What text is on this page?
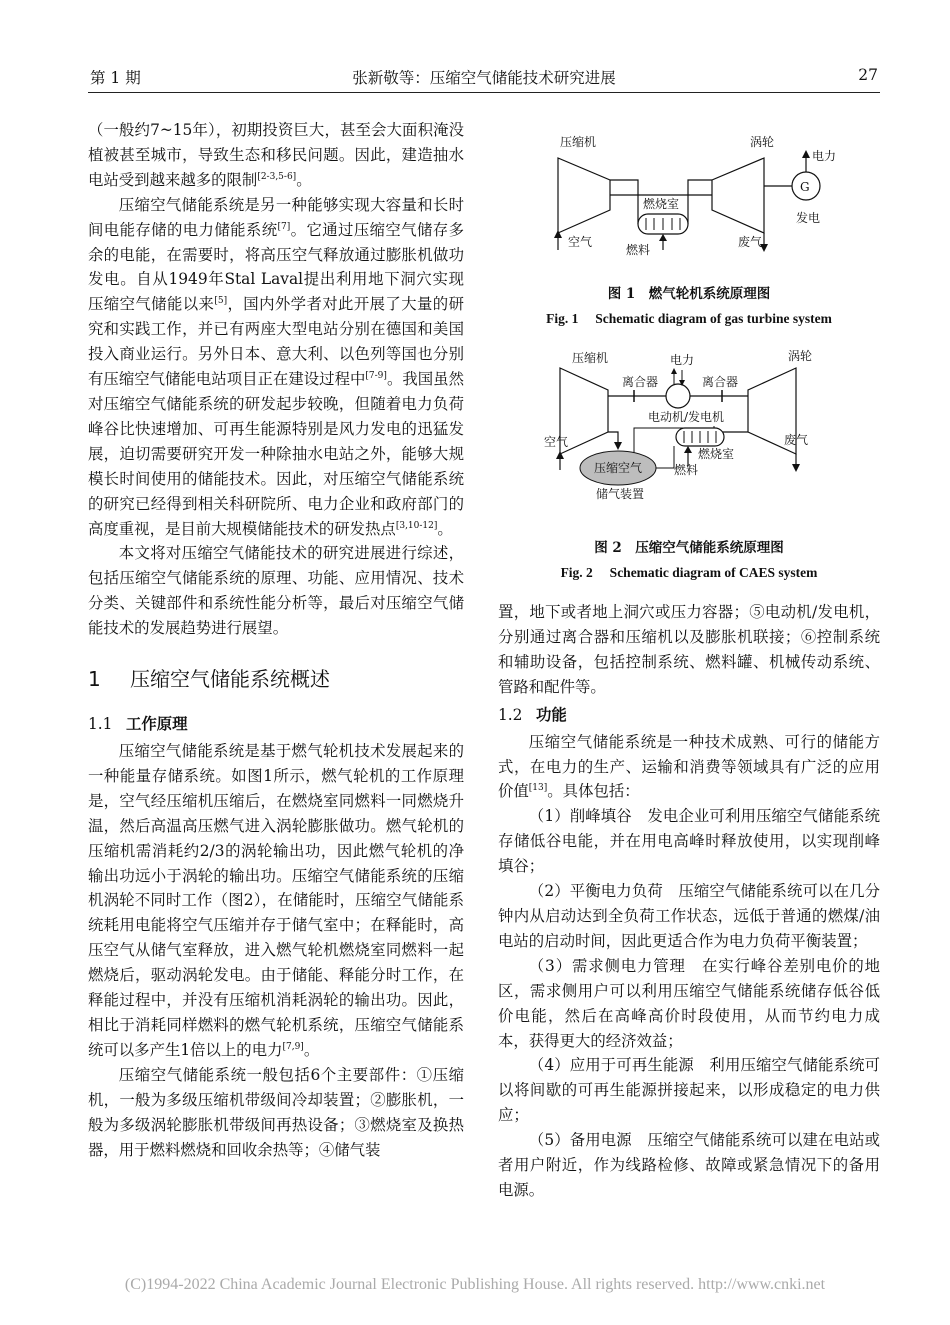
第 1 期	张新敬等：压缩空气储能技术研究进展	27

（一般约7~15年），初期投资巨大，甚至会大面积淹没植被甚至城市，导致生态和移民问题。因此，建造抽水电站受到越来越多的限制[2-3,5-6]。

压缩空气储能系统是另一种能够实现大容量和长时间电能存储的电力储能系统[7]。它通过压缩空气储存多余的电能，在需要时，将高压空气释放通过膨胀机做功发电。自从1949年Stal Laval提出利用地下洞穴实现压缩空气储能以来[5]，国内外学者对此开展了大量的研究和实践工作，并已有两座大型电站分别在德国和美国投入商业运行。另外日本、意大利、以色列等国也分别有压缩空气储能电站项目正在建设过程中[7-9]。我国虽然对压缩空气储能系统的研发起步较晚，但随着电力负荷峰谷比快速增加、可再生能源特别是风力发电的迅猛发展，迫切需要研究开发一种除抽水电站之外，能够大规模长时间使用的储能技术。因此，对压缩空气储能系统的研究已经得到相关科研院所、电力企业和政府部门的高度重视，是目前大规模储能技术的研发热点[3,10-12]。

本文将对压缩空气储能技术的研究进展进行综述，包括压缩空气储能系统的原理、功能、应用情况、技术分类、关键部件和系统性能分析等，最后对压缩空气储能技术的发展趋势进行展望。

1 压缩空气储能系统概述
1.1 工作原理

压缩空气储能系统是基于燃气轮机技术发展起来的一种能量存储系统。如图1所示，燃气轮机的工作原理是，空气经压缩机压缩后，在燃烧室同燃料一同燃烧升温，然后高温高压燃气进入涡轮膨胀做功。燃气轮机的压缩机需消耗约2/3的涡轮输出功，因此燃气轮机的净输出功远小于涡轮的输出功。压缩空气储能系统的压缩机涡轮不同时工作（图2），在储能时，压缩空气储能系统耗用电能将空气压缩并存于储气室中；在释能时，高压空气从储气室释放，进入燃气轮机燃烧室同燃料一起燃烧后，驱动涡轮发电。由于储能、释能分时工作，在释能过程中，并没有压缩机消耗涡轮的输出功。因此，相比于消耗同样燃料的燃气轮机系统，压缩空气储能系统可以多产生1倍以上的电力[7,9]。

压缩空气储能系统一般包括6个主要部件：①压缩机，一般为多级压缩机带级间冷却装置；②膨胀机，一般为多级涡轮膨胀机带级间再热设备；③燃烧室及换热器，用于燃料燃烧和回收余热等；④储气装

压缩机	涡轮
燃烧室
燃料
空气	废气
G
电力
发电
图 1　燃气轮机系统原理图
Fig. 1　 Schematic diagram of gas turbine system
压缩机	涡轮
电力
离合器	离合器
电动机/发电机
燃烧室
燃料
压缩空气
储气装置
空气	废气
图 2　压缩空气储能系统原理图
Fig. 2　 Schematic diagram of CAES system

置，地下或者地上洞穴或压力容器；⑤电动机/发电机，分别通过离合器和压缩机以及膨胀机联接；⑥控制系统和辅助设备，包括控制系统、燃料罐、机械传动系统、管路和配件等。

1.2 功能

压缩空气储能系统是一种技术成熟、可行的储能方式，在电力的生产、运输和消费等领域具有广泛的应用价值[13]。具体包括：

（1）削峰填谷　发电企业可利用压缩空气储能系统存储低谷电能，并在用电高峰时释放使用，以实现削峰填谷；

（2）平衡电力负荷　压缩空气储能系统可以在几分钟内从启动达到全负荷工作状态，远低于普通的燃煤/油电站的启动时间，因此更适合作为电力负荷平衡装置；

（3）需求侧电力管理　在实行峰谷差别电价的地区，需求侧用户可以利用压缩空气储能系统储存低谷低价电能，然后在高峰高价时段使用，从而节约电力成本，获得更大的经济效益；

（4）应用于可再生能源　利用压缩空气储能系统可以将间歇的可再生能源拼接起来，以形成稳定的电力供应；

（5）备用电源　压缩空气储能系统可以建在电站或者用户附近，作为线路检修、故障或紧急情况下的备用电源。

(C)1994-2022 China Academic Journal Electronic Publishing House. All rights reserved. http://www.cnki.net
